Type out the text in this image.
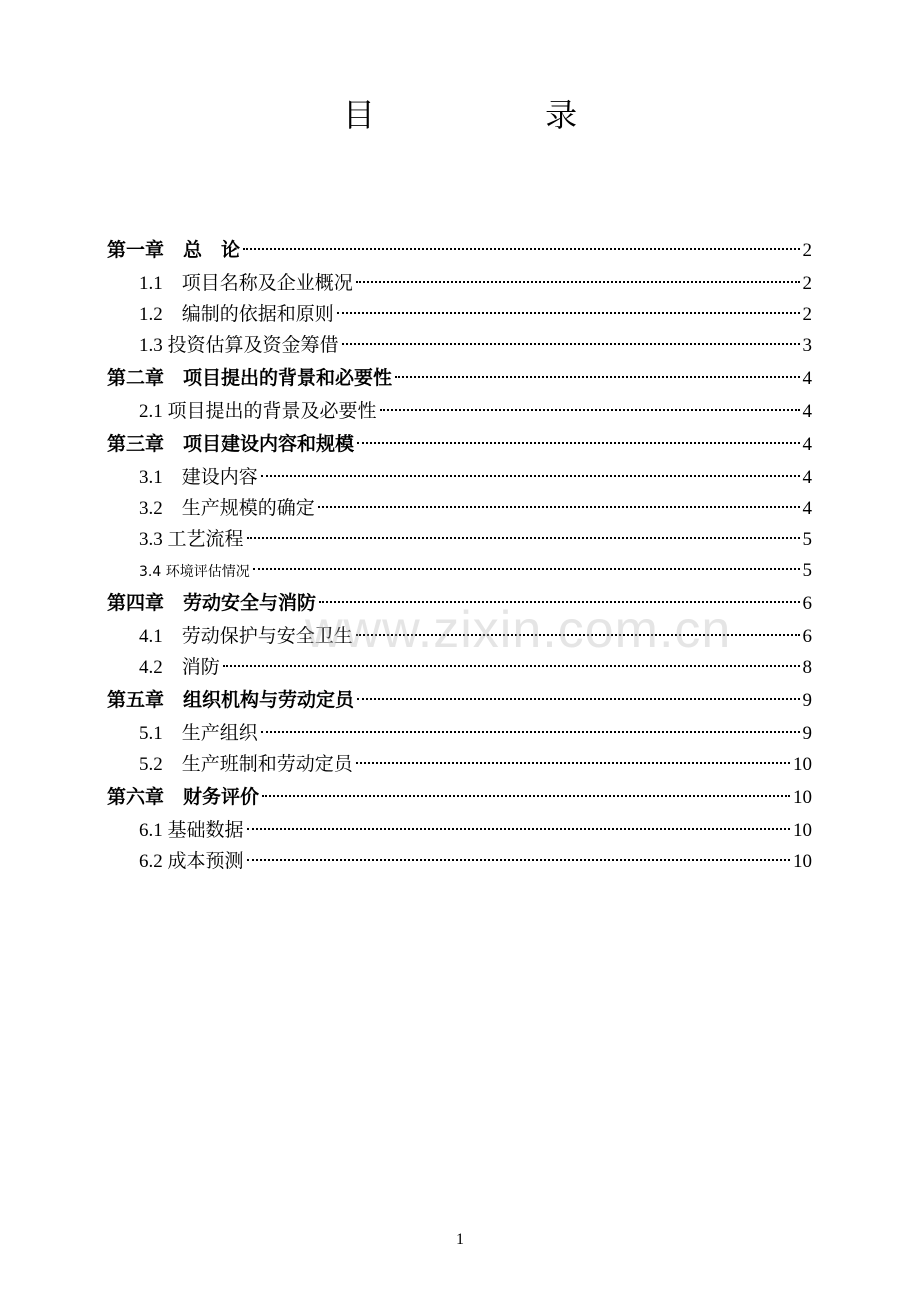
目 录
第一章　总　论	2
1.1　项目名称及企业概况	2
1.2　编制的依据和原则	2
1.3 投资估算及资金筹借	3
第二章　项目提出的背景和必要性	4
2.1 项目提出的背景及必要性	4
第三章　项目建设内容和规模	4
3.1　建设内容	4
3.2　生产规模的确定	4
3.3 工艺流程	5
3.4 环境评估情况	5
第四章　劳动安全与消防	6
4.1　劳动保护与安全卫生	6
4.2　消防	8
第五章　组织机构与劳动定员	9
5.1　生产组织	9
5.2　生产班制和劳动定员	10
第六章　财务评价	10
6.1 基础数据	10
6.2 成本预测	10
www.zixin.com.cn
1
